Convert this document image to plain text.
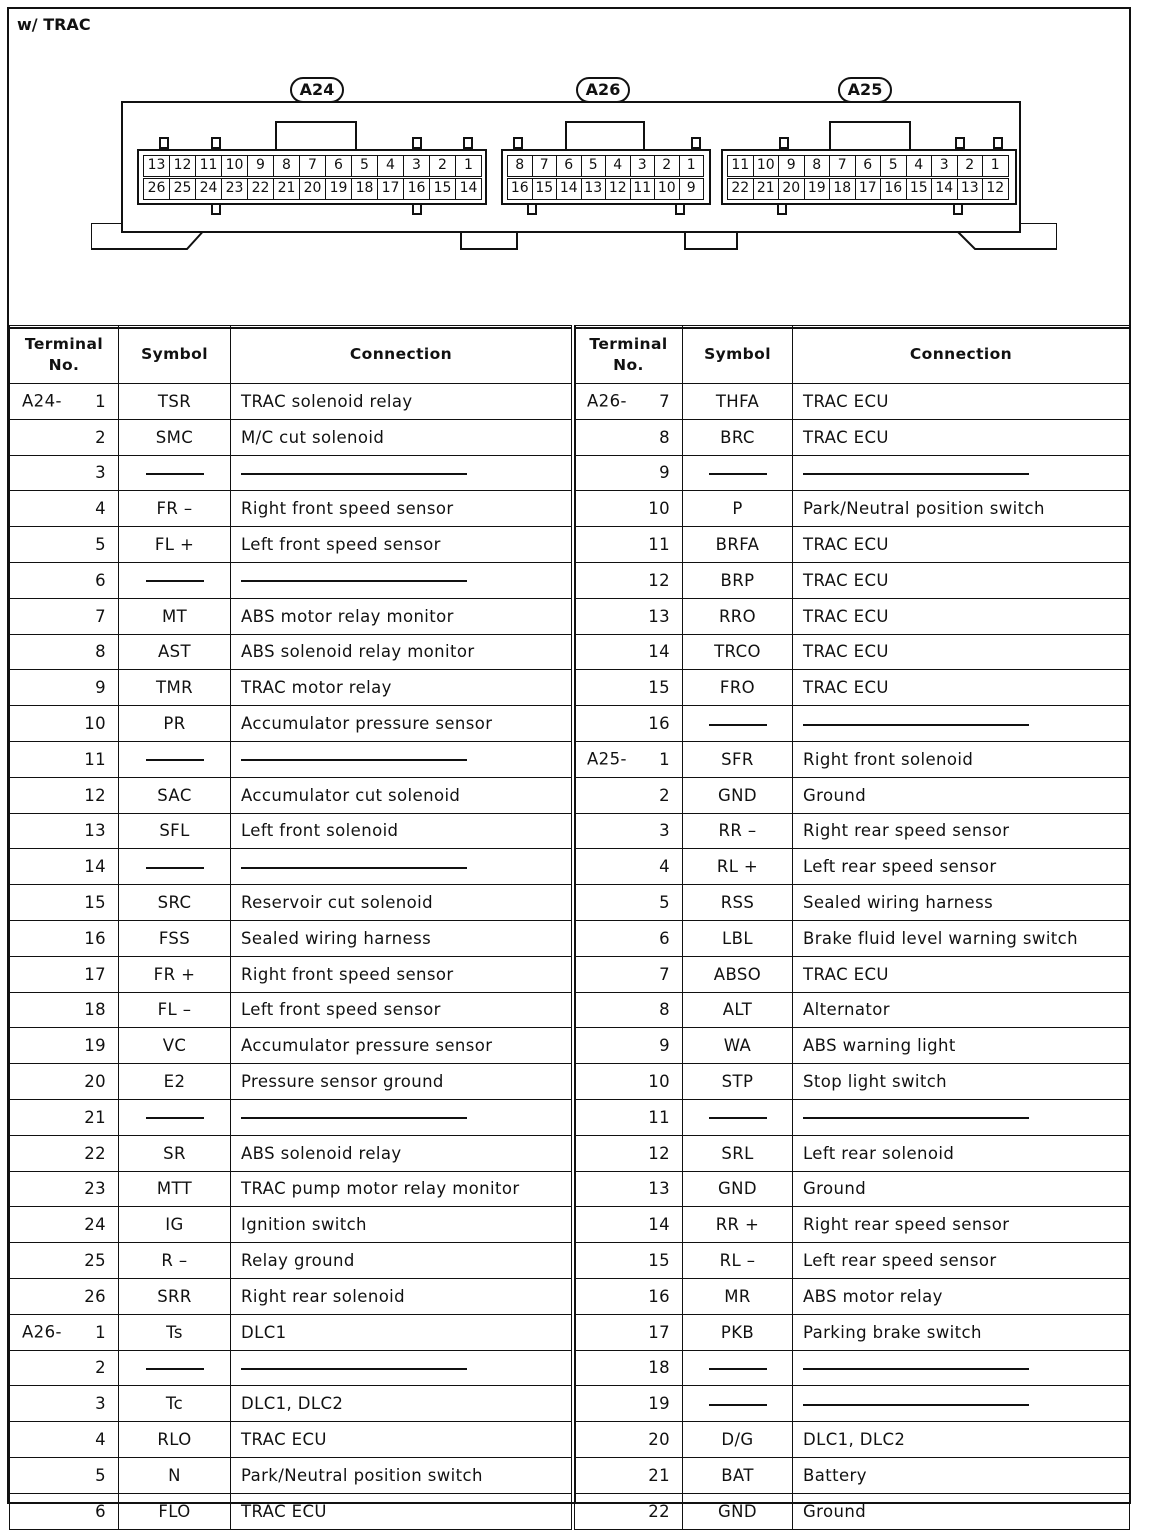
w/ TRAC
A24	A26	A25
13 12 11 10 9	8	7	6	5	4	3	2	1
26 25 24 23 22 21 20 19 18 17 16 15 14
8	7	6	5	4	3	2	1
16 15 14 13 12 11 10 9
11 10 9	8	7	6	5	4	3	2	1
22 21 20 19 18 17 16 15 14 13 12
Terminal
No.	Symbol	Connection

A24- 1	TSR	TRAC solenoid relay
2	SMC	M/C cut solenoid
3		
4	FR –	Right front speed sensor
5	FL +	Left front speed sensor
6		
7	MT	ABS motor relay monitor
8	AST	ABS solenoid relay monitor
9	TMR	TRAC motor relay
10	PR	Accumulator pressure sensor
11		
12	SAC	Accumulator cut solenoid
13	SFL	Left front solenoid
14		
15	SRC	Reservoir cut solenoid
16	FSS	Sealed wiring harness
17	FR +	Right front speed sensor
18	FL –	Left front speed sensor
19	VC	Accumulator pressure sensor
20	E2	Pressure sensor ground
21		
22	SR	ABS solenoid relay
23	MTT	TRAC pump motor relay monitor
24	IG	Ignition switch
25	R –	Relay ground
26	SRR	Right rear solenoid

A26- 1	Ts	DLC1
2		
3	Tc	DLC1, DLC2
4	RLO	TRAC ECU
5	N	Park/Neutral position switch
6	FLO	TRAC ECU
Terminal
No.	Symbol	Connection

A26- 7	THFA	TRAC ECU
8	BRC	TRAC ECU
9		
10	P	Park/Neutral position switch
11	BRFA	TRAC ECU
12	BRP	TRAC ECU
13	RRO	TRAC ECU
14	TRCO	TRAC ECU
15	FRO	TRAC ECU
16		

A25- 1	SFR	Right front solenoid
2	GND	Ground
3	RR –	Right rear speed sensor
4	RL +	Left rear speed sensor
5	RSS	Sealed wiring harness
6	LBL	Brake fluid level warning switch
7	ABSO	TRAC ECU
8	ALT	Alternator
9	WA	ABS warning light
10	STP	Stop light switch
11		
12	SRL	Left rear solenoid
13	GND	Ground
14	RR +	Right rear speed sensor
15	RL –	Left rear speed sensor
16	MR	ABS motor relay
17	PKB	Parking brake switch
18		
19		
20	D/G	DLC1, DLC2
21	BAT	Battery
22	GND	Ground
